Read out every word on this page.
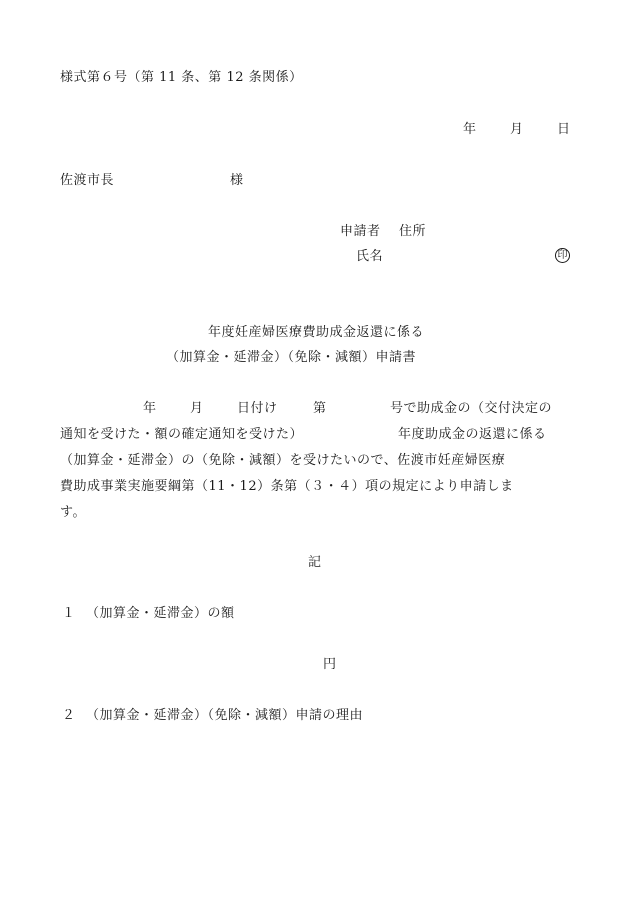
様式第６号（第 11 条、第 12 条関係）
年	月	日
佐渡市長	様
申請者 住所
氏名	印
年度妊産婦医療費助成金返還に係る
（加算金・延滞金）（免除・減額）申請書
年	月	日付け	第	号で助成金の（交付決定の
通知を受けた・額の確定通知を受けた）	年度助成金の返還に係る
（加算金・延滞金）の（免除・減額）を受けたいので、佐渡市妊産婦医療
費助成事業実施要綱第（11・12）条第（３・４）項の規定により申請しま
す。
記
１ （加算金・延滞金）の額
円
２ （加算金・延滞金）（免除・減額）申請の理由
